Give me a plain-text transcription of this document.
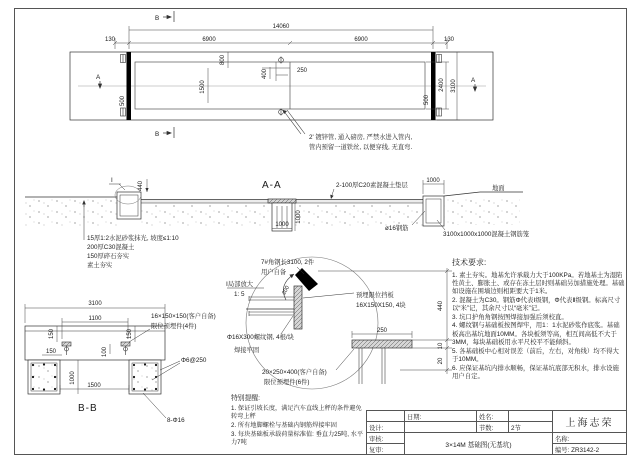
14060
130	6900	6900	130
2400 3100
500	500
800
1500
400	250
B
B
A	A
2' 镀锌管, 通入磅房, 严禁水进入管内,
管内预留一道铁丝, 以便穿线, 无直弯.
A-A
I
440	2-100厚C20素混凝土垫层
1000
地面
ø16钢筋
3100x1000x1000混凝土钢筋笼
1000
1000
15厚1:2水泥砂浆抹光, 坡度≤1:10
200厚C30混凝土
150厚碎石夯实
素土夯实
B-B
3100
1100
150	150
150	100
1000
1500
16×150×150(客户自备)
限位预埋件(4件)
Φ6@250
8-Φ16
Ⅰ局部放大
1: 5	200
7#角钢长3100, 2件
用户自备
预埋限位挡板
16X150X150, 4块
250
440
10
20
Φ16X300螺纹钢, 4根/块
焊接牢固
20×250×400(客户自备)
限位预埋件(6件)
技术要求:
1. 素土夯实。地基允许承载力大于100KPa。若地基土为湿陷性黄土、膨胀土、或存在冻土层时则基础另加措施处理。基础如设施在围墙边则相距要大于1米。
2. 混凝土为C30。钢筋Φ代表Ⅰ级钢，Φ代表Ⅱ级钢。标高尺寸以“米”记，其余尺寸以“毫米”记。
3. 坑口护角角钢按图焊接加强后须校直。
4. 螺纹钢与基础板按图焊牢，用1：1水泥砂浆作底浆。基础板高出基坑地面10MM。各块板须等高，相互间高低不大于3MM，每块基础板用水平尺校平不能倾斜。
5. 各基础板中心相对误差（前后，左右，对角线）均不得大于10MM。
6. 应保证基坑内排水顺畅，保证基坑底部无积水，排水设施用户自定。
特别提醒:
1. 保证引坡长度，满足汽车直线上秤的条件避免转弯上秤
2. 所有地脚螺栓与基础内钢筋焊接牢固
3. 每块基础板承载荷量标准值: 垂直力25吨, 水平力7吨
	日期:	姓名:		上海志荣
设计:		节数:	2节	
审核:	3×14M 基础图(无基坑)			名称:
复审:				编号: ZR3142-2
